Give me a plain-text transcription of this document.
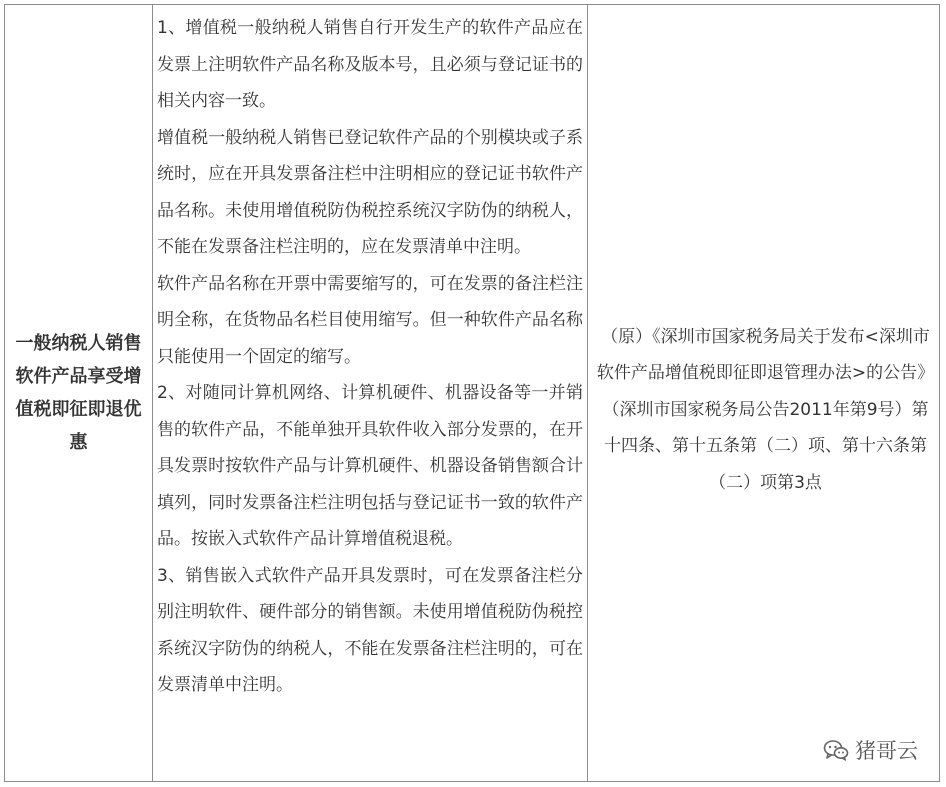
一般纳税人销售软件产品享受增值税即征即退优惠

1、增值税一般纳税人销售自行开发生产的软件产品应在发票上注明软件产品名称及版本号，且必须与登记证书的相关内容一致。

增值税一般纳税人销售已登记软件产品的个别模块或子系统时，应在开具发票备注栏中注明相应的登记证书软件产品名称。未使用增值税防伪税控系统汉字防伪的纳税人，不能在发票备注栏注明的，应在发票清单中注明。

软件产品名称在开票中需要缩写的，可在发票的备注栏注明全称，在货物品名栏目使用缩写。但一种软件产品名称只能使用一个固定的缩写。

2、对随同计算机网络、计算机硬件、机器设备等一并销售的软件产品，不能单独开具软件收入部分发票的，在开具发票时按软件产品与计算机硬件、机器设备销售额合计填列，同时发票备注栏注明包括与登记证书一致的软件产品。按嵌入式软件产品计算增值税退税。

3、销售嵌入式软件产品开具发票时，可在发票备注栏分别注明软件、硬件部分的销售额。未使用增值税防伪税控系统汉字防伪的纳税人，不能在发票备注栏注明的，可在发票清单中注明。

（原）《深圳市国家税务局关于发布<深圳市软件产品增值税即征即退管理办法>的公告》（深圳市国家税务局公告2011年第9号）第十四条、第十五条第（二）项、第十六条第（二）项第3点
猪哥云
